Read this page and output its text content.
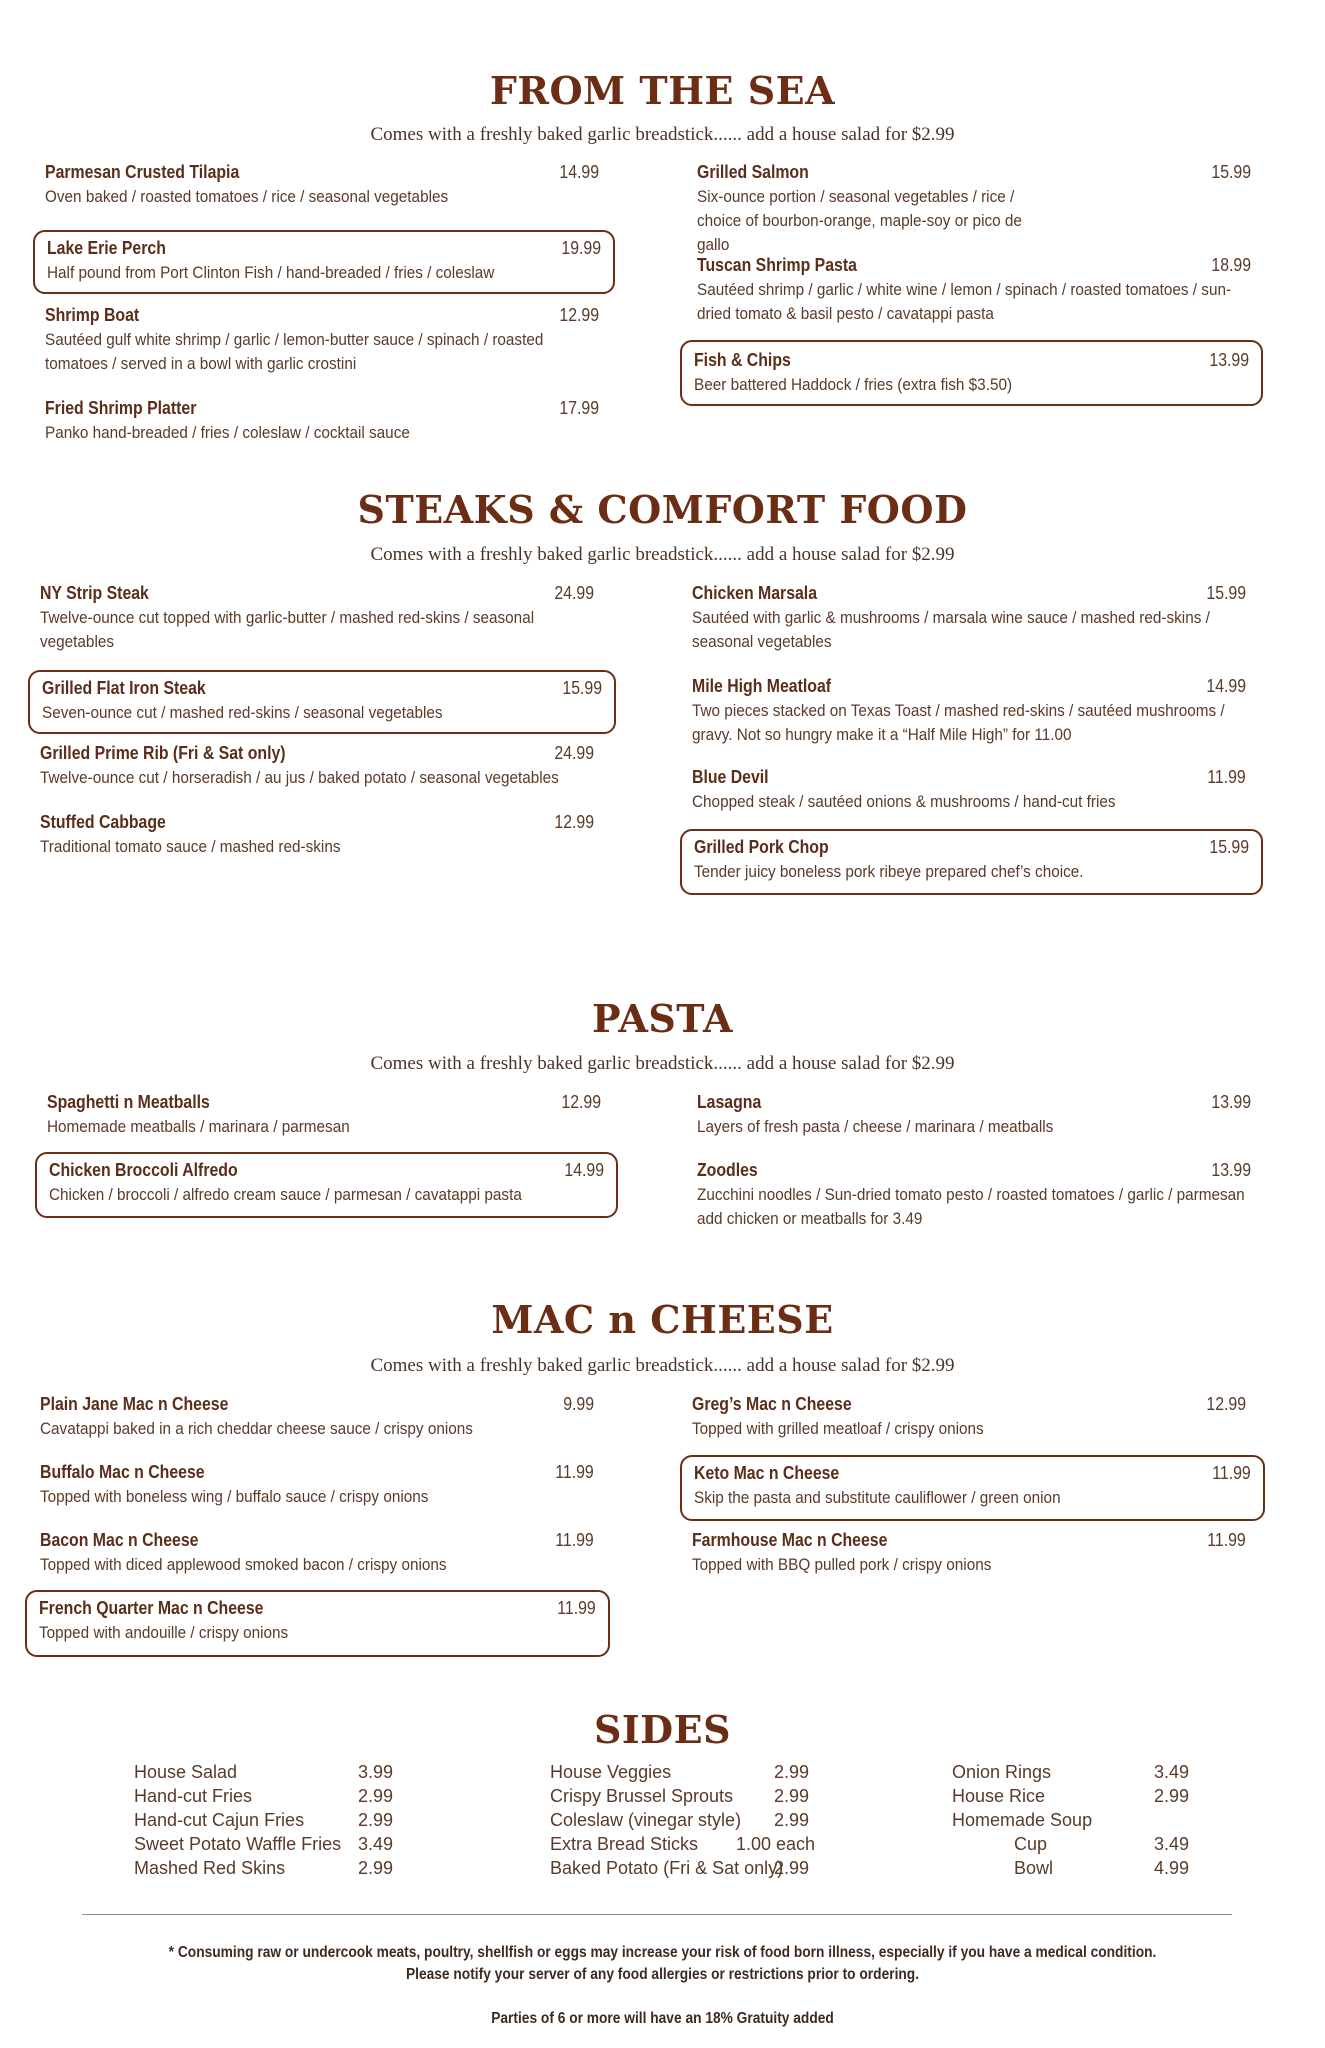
FROM THE SEA

Comes with a freshly baked garlic breadstick...... add a house salad for $2.99

Parmesan Crusted Tilapia	14.99
Oven baked / roasted tomatoes / rice / seasonal vegetables
Lake Erie Perch	19.99
Half pound from Port Clinton Fish / hand-breaded / fries / coleslaw
Shrimp Boat	12.99
Sautéed gulf white shrimp / garlic / lemon-butter sauce / spinach / roasted tomatoes / served in a bowl with garlic crostini
Fried Shrimp Platter	17.99
Panko hand-breaded / fries / coleslaw / cocktail sauce
Grilled Salmon	15.99
Six-ounce portion / seasonal vegetables / rice / choice of bourbon-orange, maple-soy or pico de gallo
Tuscan Shrimp Pasta	18.99
Sautéed shrimp / garlic / white wine / lemon / spinach / roasted tomatoes / sun-dried tomato & basil pesto / cavatappi pasta
Fish & Chips	13.99
Beer battered Haddock / fries (extra fish $3.50)
STEAKS & COMFORT FOOD

Comes with a freshly baked garlic breadstick...... add a house salad for $2.99

NY Strip Steak	24.99
Twelve-ounce cut topped with garlic-butter / mashed red-skins / seasonal vegetables
Grilled Flat Iron Steak	15.99
Seven-ounce cut / mashed red-skins / seasonal vegetables
Grilled Prime Rib (Fri & Sat only)	24.99
Twelve-ounce cut / horseradish / au jus / baked potato / seasonal vegetables
Stuffed Cabbage	12.99
Traditional tomato sauce / mashed red-skins
Chicken Marsala	15.99
Sautéed with garlic & mushrooms / marsala wine sauce / mashed red-skins / seasonal vegetables
Mile High Meatloaf	14.99
Two pieces stacked on Texas Toast / mashed red-skins / sautéed mushrooms / gravy. Not so hungry make it a “Half Mile High” for 11.00
Blue Devil	11.99
Chopped steak / sautéed onions & mushrooms / hand-cut fries
Grilled Pork Chop	15.99
Tender juicy boneless pork ribeye prepared chef’s choice.
PASTA

Comes with a freshly baked garlic breadstick...... add a house salad for $2.99

Spaghetti n Meatballs	12.99
Homemade meatballs / marinara / parmesan
Chicken Broccoli Alfredo	14.99
Chicken / broccoli / alfredo cream sauce / parmesan / cavatappi pasta
Lasagna	13.99
Layers of fresh pasta / cheese / marinara / meatballs
Zoodles	13.99
Zucchini noodles / Sun-dried tomato pesto / roasted tomatoes / garlic / parmesan add chicken or meatballs for 3.49
MAC n CHEESE

Comes with a freshly baked garlic breadstick...... add a house salad for $2.99

Plain Jane Mac n Cheese	9.99
Cavatappi baked in a rich cheddar cheese sauce / crispy onions
Buffalo Mac n Cheese	11.99
Topped with boneless wing / buffalo sauce / crispy onions
Bacon Mac n Cheese	11.99
Topped with diced applewood smoked bacon / crispy onions
French Quarter Mac n Cheese	11.99
Topped with andouille / crispy onions
Greg’s Mac n Cheese	12.99
Topped with grilled meatloaf / crispy onions
Keto Mac n Cheese	11.99
Skip the pasta and substitute cauliflower / green onion
Farmhouse Mac n Cheese	11.99
Topped with BBQ pulled pork / crispy onions
SIDES
House Salad	3.99
Hand-cut Fries	2.99
Hand-cut Cajun Fries	2.99
Sweet Potato Waffle Fries 3.49
Mashed Red Skins	2.99
House Veggies	2.99
Crispy Brussel Sprouts 2.99
Coleslaw (vinegar style) 2.99
Extra Bread Sticks 1.00 each
Baked Potato (Fri & Sat only)
2.99
Onion Rings	3.49
House Rice	2.99
Homemade Soup
Cup	3.49
Bowl	4.99
* Consuming raw or undercook meats, poultry, shellfish or eggs may increase your risk of food born illness, especially if you have a medical condition.
Please notify your server of any food allergies or restrictions prior to ordering.
Parties of 6 or more will have an 18% Gratuity added
